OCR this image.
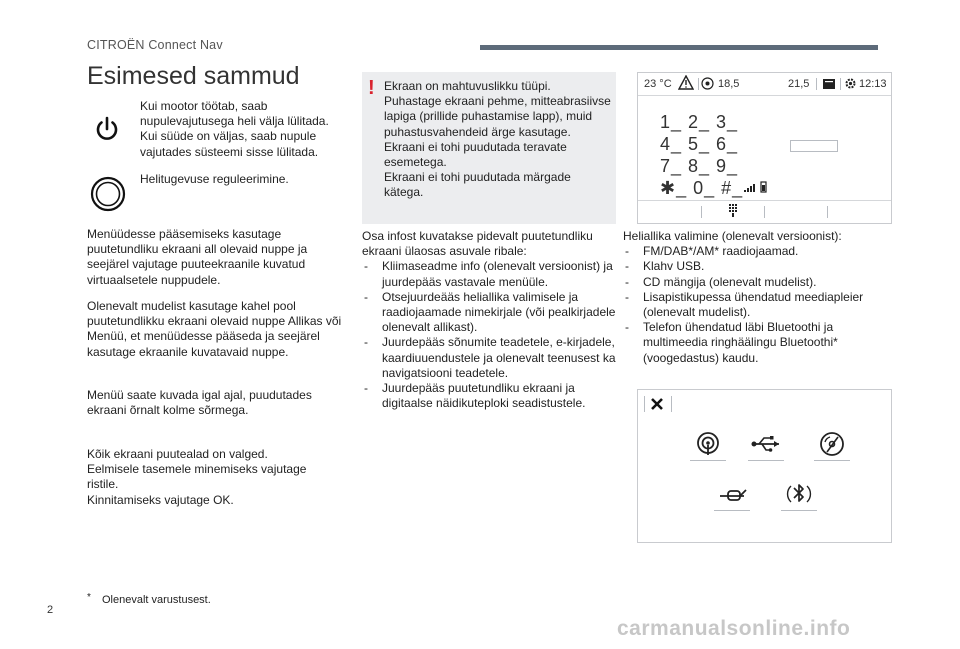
CITROËN Connect Nav
Esimesed sammud
Kui mootor töötab, saab nupulevajutusega heli välja lülitada. Kui süüde on väljas, saab nupule vajutades süsteemi sisse lülitada.
Helitugevuse reguleerimine.
Menüüdesse pääsemiseks kasutage puutetundliku ekraani all olevaid nuppe ja seejärel vajutage puuteekraanile kuvatud virtuaalsetele nuppudele.
Olenevalt mudelist kasutage kahel pool puutetundlikku ekraani olevaid nuppe Allikas või Menüü, et menüüdesse pääseda ja seejärel kasutage ekraanile kuvatavaid nuppe.
Menüü saate kuvada igal ajal, puudutades ekraani õrnalt kolme sõrmega.
Kõik ekraani puutealad on valged.
Eelmisele tasemele minemiseks vajutage ristile.
Kinnitamiseks vajutage OK.
* Olenevalt varustusest.
! Ekraan on mahtuvuslikku tüüpi.
Puhastage ekraani pehme, mitteabrasiivse lapiga (prillide puhastamise lapp), muid puhastusvahendeid ärge kasutage.
Ekraani ei tohi puudutada teravate esemetega.
Ekraani ei tohi puudutada märgade kätega.
Osa infost kuvatakse pidevalt puutetundliku ekraani ülaosas asuvale ribale:
- Kliimaseadme info (olenevalt versioonist) ja juurdepääs vastavale menüüle.
- Otsejuurdeääs heliallika valimisele ja raadiojaamade nimekirjale (või pealkirjadele olenevalt allikast).
- Juurdepääs sõnumite teadetele, e-kirjadele, kaardiuuendustele ja olenevalt teenusest ka navigatsiooni teadetele.
- Juurdepääs puutetundliku ekraani ja digitaalse näidikuteploki seadistustele.
23 °C	18,5	21,5	12:13
1_ 2_ 3_
4_ 5_ 6_
7_ 8_ 9_
✱_ 0_ #_
Heliallika valimine (olenevalt versioonist):
- FM/DAB*/AM* raadiojaamad.
- Klahv USB.
- CD mängija (olenevalt mudelist).
- Lisapistikupessa ühendatud meediapleier (olenevalt mudelist).
- Telefon ühendatud läbi Bluetoothi ja multimeedia ringhäälingu Bluetoothi* (voogedastus) kaudu.
2
carmanualsonline.info
